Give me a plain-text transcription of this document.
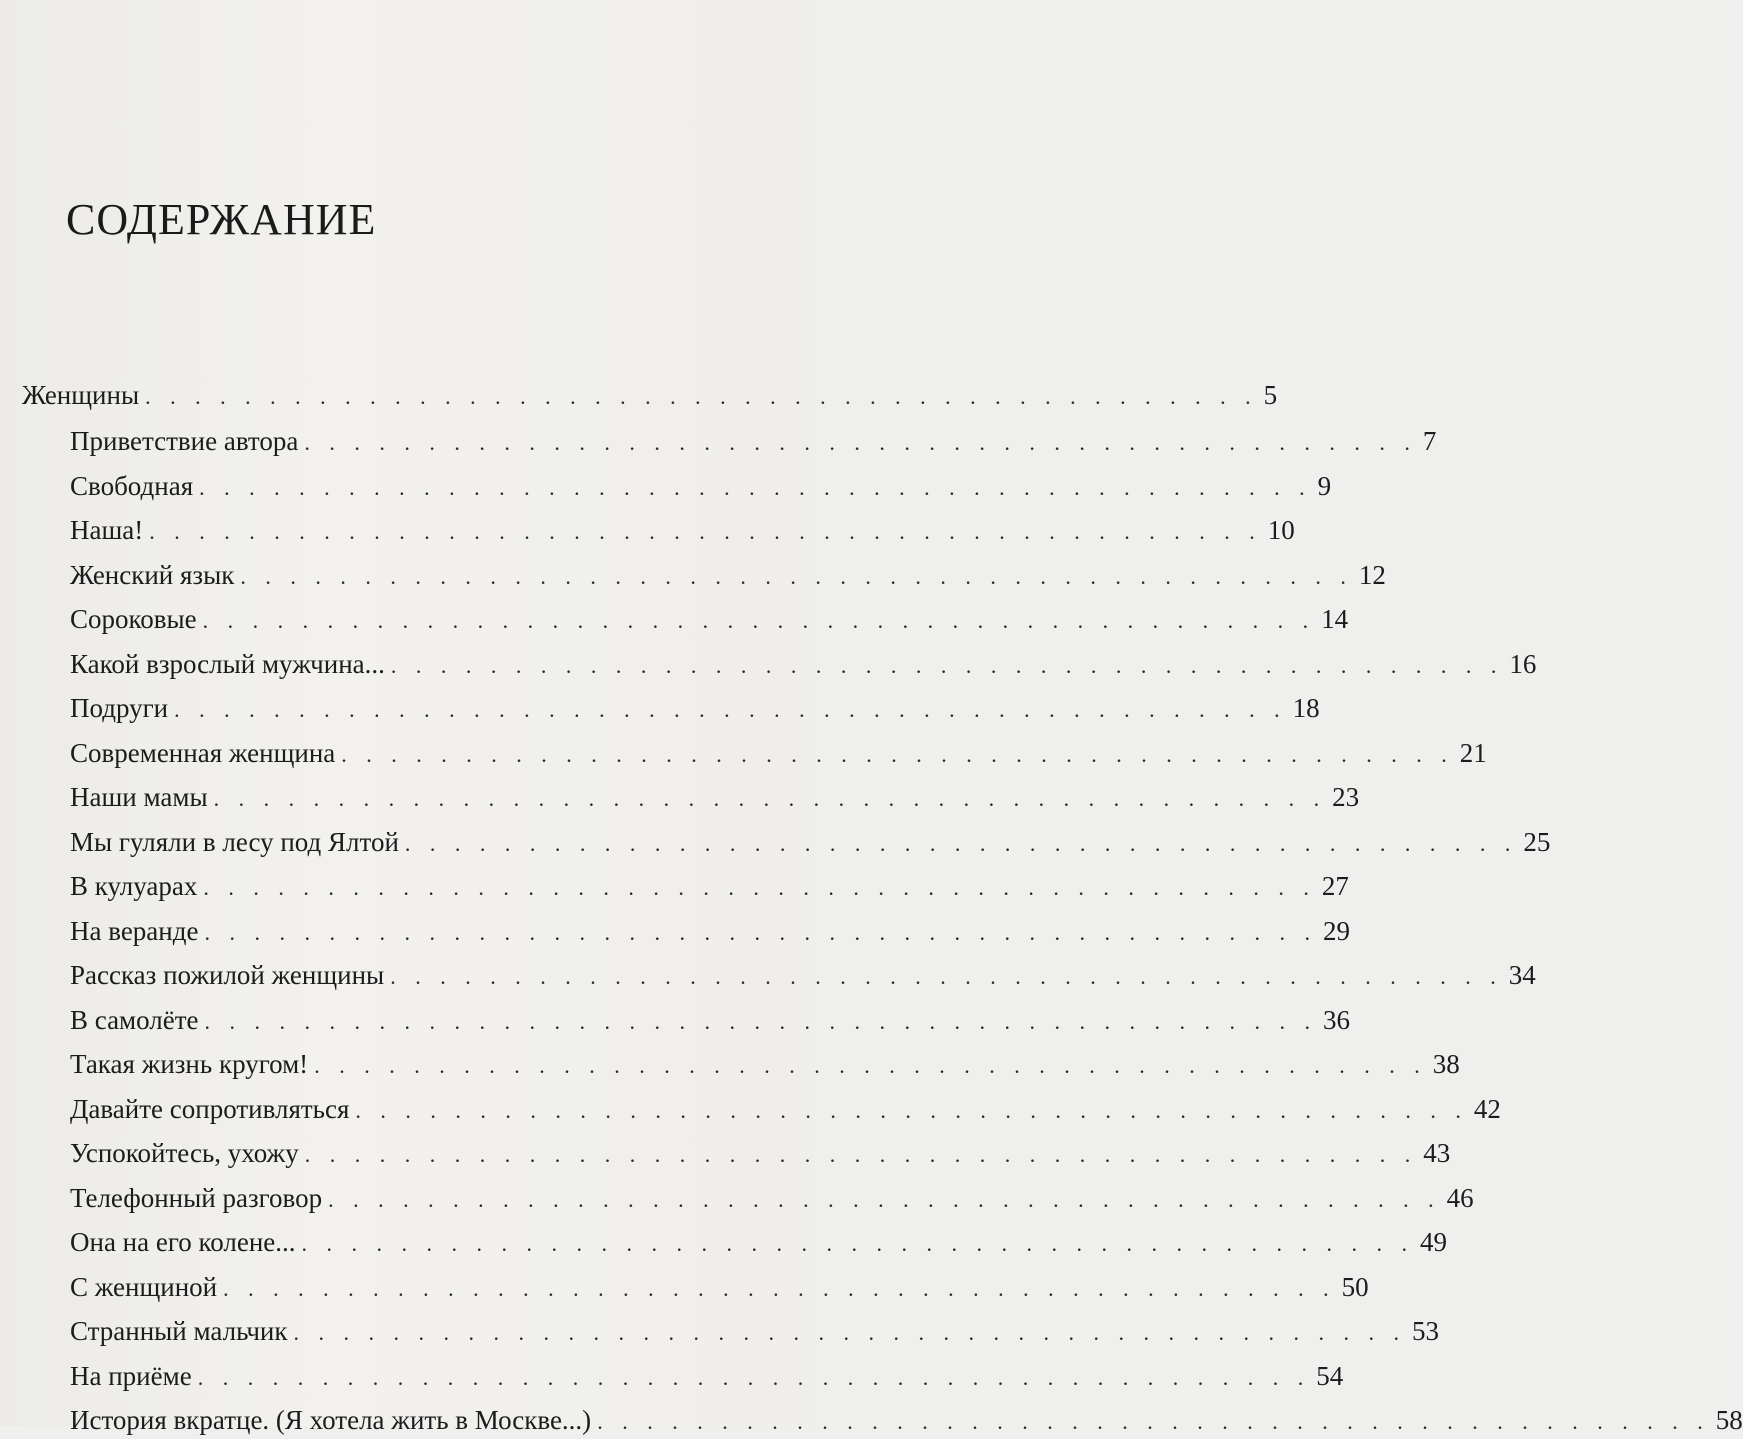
СОДЕРЖАНИЕ
Женщины . . . . . . . . . . . . . . . . . . . . . . . . . . . . . . . . . . . . . . . . . . . . . 5
Приветствие автора . . . . . . . . . . . . . . . . . . . . . . . . . . . . . . . . . . . . . . . . . . . . . 7
Свободная . . . . . . . . . . . . . . . . . . . . . . . . . . . . . . . . . . . . . . . . . . . . . 9
Наша! . . . . . . . . . . . . . . . . . . . . . . . . . . . . . . . . . . . . . . . . . . . . . 10
Женский язык . . . . . . . . . . . . . . . . . . . . . . . . . . . . . . . . . . . . . . . . . . . . . 12
Сороковые . . . . . . . . . . . . . . . . . . . . . . . . . . . . . . . . . . . . . . . . . . . . . 14
Какой взрослый мужчина... . . . . . . . . . . . . . . . . . . . . . . . . . . . . . . . . . . . . . . . . . . . . . 16
Подруги . . . . . . . . . . . . . . . . . . . . . . . . . . . . . . . . . . . . . . . . . . . . . 18
Современная женщина . . . . . . . . . . . . . . . . . . . . . . . . . . . . . . . . . . . . . . . . . . . . . 21
Наши мамы . . . . . . . . . . . . . . . . . . . . . . . . . . . . . . . . . . . . . . . . . . . . . 23
Мы гуляли в лесу под Ялтой . . . . . . . . . . . . . . . . . . . . . . . . . . . . . . . . . . . . . . . . . . . . . 25
В кулуарах . . . . . . . . . . . . . . . . . . . . . . . . . . . . . . . . . . . . . . . . . . . . . 27
На веранде . . . . . . . . . . . . . . . . . . . . . . . . . . . . . . . . . . . . . . . . . . . . . 29
Рассказ пожилой женщины . . . . . . . . . . . . . . . . . . . . . . . . . . . . . . . . . . . . . . . . . . . . . 34
В самолёте . . . . . . . . . . . . . . . . . . . . . . . . . . . . . . . . . . . . . . . . . . . . . 36
Такая жизнь кругом! . . . . . . . . . . . . . . . . . . . . . . . . . . . . . . . . . . . . . . . . . . . . . 38
Давайте сопротивляться . . . . . . . . . . . . . . . . . . . . . . . . . . . . . . . . . . . . . . . . . . . . . 42
Успокойтесь, ухожу . . . . . . . . . . . . . . . . . . . . . . . . . . . . . . . . . . . . . . . . . . . . . 43
Телефонный разговор . . . . . . . . . . . . . . . . . . . . . . . . . . . . . . . . . . . . . . . . . . . . . 46
Она на его колене... . . . . . . . . . . . . . . . . . . . . . . . . . . . . . . . . . . . . . . . . . . . . . 49
С женщиной . . . . . . . . . . . . . . . . . . . . . . . . . . . . . . . . . . . . . . . . . . . . . 50
Странный мальчик . . . . . . . . . . . . . . . . . . . . . . . . . . . . . . . . . . . . . . . . . . . . . 53
На приёме . . . . . . . . . . . . . . . . . . . . . . . . . . . . . . . . . . . . . . . . . . . . . 54
История вкратце. (Я хотела жить в Москве...) . . . . . . . . . . . . . . . . . . . . . . . . . . . . . . . . . . . . . . . . . . . . . 58
